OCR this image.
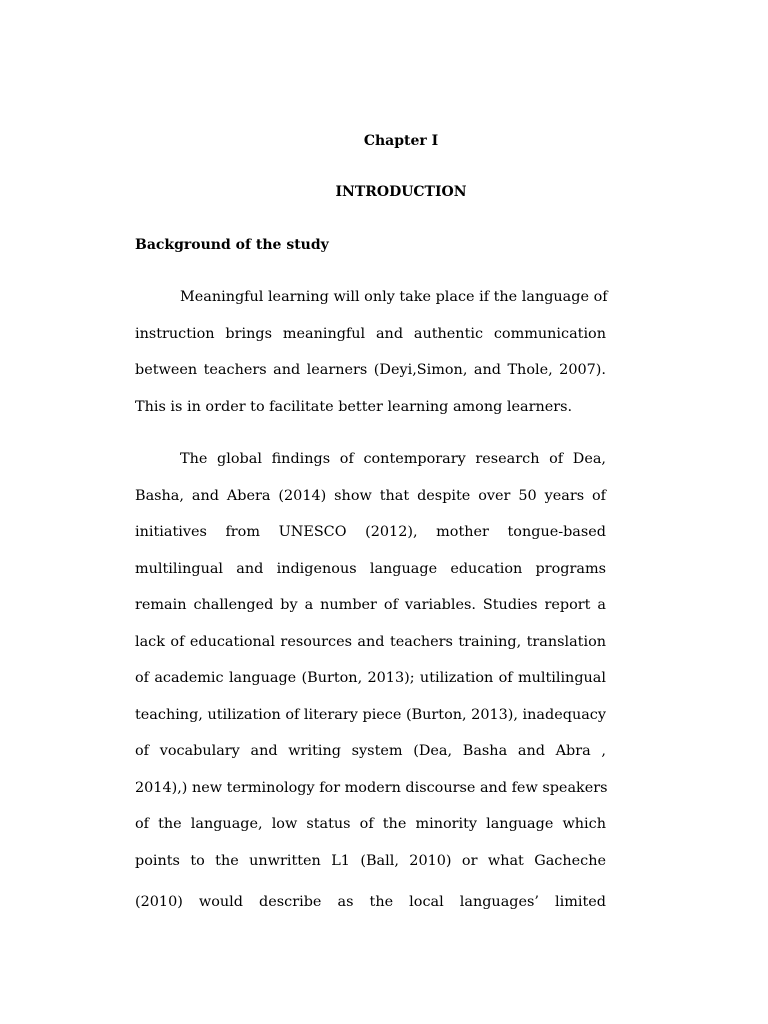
Chapter I
INTRODUCTION
Background of the study

Meaningful learning will only take place if the language of
instruction brings meaningful and authentic communication
between teachers and learners (Deyi,Simon, and Thole, 2007).
This is in order to facilitate better learning among learners.

The global findings of contemporary research of Dea,
Basha, and Abera (2014) show that despite over 50 years of
initiatives from UNESCO (2012), mother tongue-based
multilingual and indigenous language education programs
remain challenged by a number of variables. Studies report a
lack of educational resources and teachers training, translation
of academic language (Burton, 2013); utilization of multilingual
teaching, utilization of literary piece (Burton, 2013), inadequacy
of vocabulary and writing system (Dea, Basha and Abra ,
2014),) new terminology for modern discourse and few speakers
of the language, low status of the minority language which
points to the unwritten L1 (Ball, 2010) or what Gacheche
(2010) would describe as the local languages’ limited
